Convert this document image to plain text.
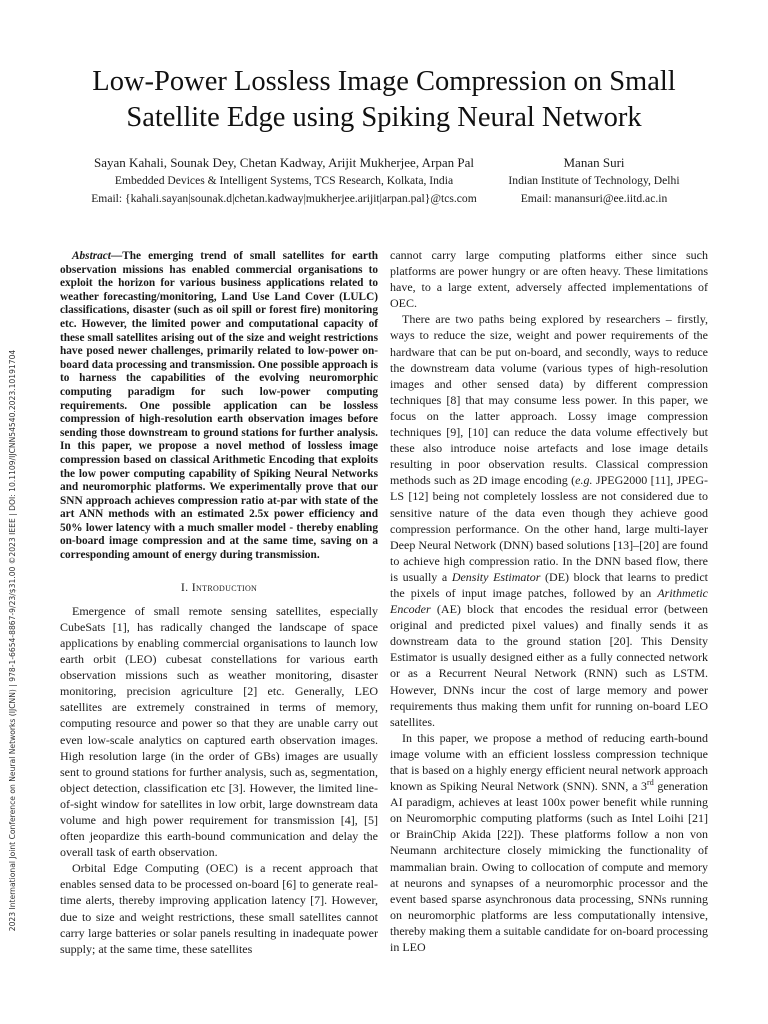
2023 International Joint Conference on Neural Networks (IJCNN) | 978-1-6654-8867-9/23/$31.00 ©2023 IEEE | DOI: 10.1109/IJCNN54540.2023.10191704
Low-Power Lossless Image Compression on Small
Satellite Edge using Spiking Neural Network
Sayan Kahali, Sounak Dey, Chetan Kadway, Arijit Mukherjee, Arpan Pal
Embedded Devices & Intelligent Systems, TCS Research, Kolkata, India
Email: {kahali.sayan|sounak.d|chetan.kadway|mukherjee.arijit|arpan.pal}@tcs.com
Manan Suri
Indian Institute of Technology, Delhi
Email: manansuri@ee.iitd.ac.in

Abstract—The emerging trend of small satellites for earth observation missions has enabled commercial organisations to exploit the horizon for various business applications related to weather forecasting/monitoring, Land Use Land Cover (LULC) classifications, disaster (such as oil spill or forest fire) monitoring etc. However, the limited power and computational capacity of these small satellites arising out of the size and weight restrictions have posed newer challenges, primarily related to low-power on-board data processing and transmission. One possible approach is to harness the capabilities of the evolving neuromorphic computing paradigm for such low-power computing requirements. One possible application can be lossless compression of high-resolution earth observation images before sending those downstream to ground stations for further analysis. In this paper, we propose a novel method of lossless image compression based on classical Arithmetic Encoding that exploits the low power computing capability of Spiking Neural Networks and neuromorphic platforms. We experimentally prove that our SNN approach achieves compression ratio at-par with state of the art ANN methods with an estimated 2.5x power efficiency and 50% lower latency with a much smaller model - thereby enabling on-board image compression and at the same time, saving on a corresponding amount of energy during transmission.

I. Introduction

Emergence of small remote sensing satellites, especially CubeSats [1], has radically changed the landscape of space applications by enabling commercial organisations to launch low earth orbit (LEO) cubesat constellations for various earth observation missions such as weather monitoring, disaster monitoring, precision agriculture [2] etc. Generally, LEO satellites are extremely constrained in terms of memory, computing resource and power so that they are unable carry out even low-scale analytics on captured earth observation images. High resolution large (in the order of GBs) images are usually sent to ground stations for further analysis, such as, segmentation, object detection, classification etc [3]. However, the limited line-of-sight window for satellites in low orbit, large downstream data volume and high power requirement for transmission [4], [5] often jeopardize this earth-bound communication and delay the overall task of earth observation.

Orbital Edge Computing (OEC) is a recent approach that enables sensed data to be processed on-board [6] to generate real-time alerts, thereby improving application latency [7]. However, due to size and weight restrictions, these small satellites cannot carry large batteries or solar panels resulting in inadequate power supply; at the same time, these satellites

cannot carry large computing platforms either since such platforms are power hungry or are often heavy. These limitations have, to a large extent, adversely affected implementations of OEC.

There are two paths being explored by researchers – firstly, ways to reduce the size, weight and power requirements of the hardware that can be put on-board, and secondly, ways to reduce the downstream data volume (various types of high-resolution images and other sensed data) by different compression techniques [8] that may consume less power. In this paper, we focus on the latter approach. Lossy image compression techniques [9], [10] can reduce the data volume effectively but these also introduce noise artefacts and lose image details resulting in poor observation results. Classical compression methods such as 2D image encoding (e.g. JPEG2000 [11], JPEG-LS [12] being not completely lossless are not considered due to sensitive nature of the data even though they achieve good compression performance. On the other hand, large multi-layer Deep Neural Network (DNN) based solutions [13]–[20] are found to achieve high compression ratio. In the DNN based flow, there is usually a Density Estimator (DE) block that learns to predict the pixels of input image patches, followed by an Arithmetic Encoder (AE) block that encodes the residual error (between original and predicted pixel values) and finally sends it as downstream data to the ground station [20]. This Density Estimator is usually designed either as a fully connected network or as a Recurrent Neural Network (RNN) such as LSTM. However, DNNs incur the cost of large memory and power requirements thus making them unfit for running on-board LEO satellites.

In this paper, we propose a method of reducing earth-bound image volume with an efficient lossless compression technique that is based on a highly energy efficient neural network approach known as Spiking Neural Network (SNN). SNN, a 3rd generation AI paradigm, achieves at least 100x power benefit while running on Neuromorphic computing platforms (such as Intel Loihi [21] or BrainChip Akida [22]). These platforms follow a non von Neumann architecture closely mimicking the functionality of mammalian brain. Owing to collocation of compute and memory at neurons and synapses of a neuromorphic processor and the event based sparse asynchronous data processing, SNNs running on neuromorphic platforms are less computationally intensive, thereby making them a suitable candidate for on-board processing in LEO
